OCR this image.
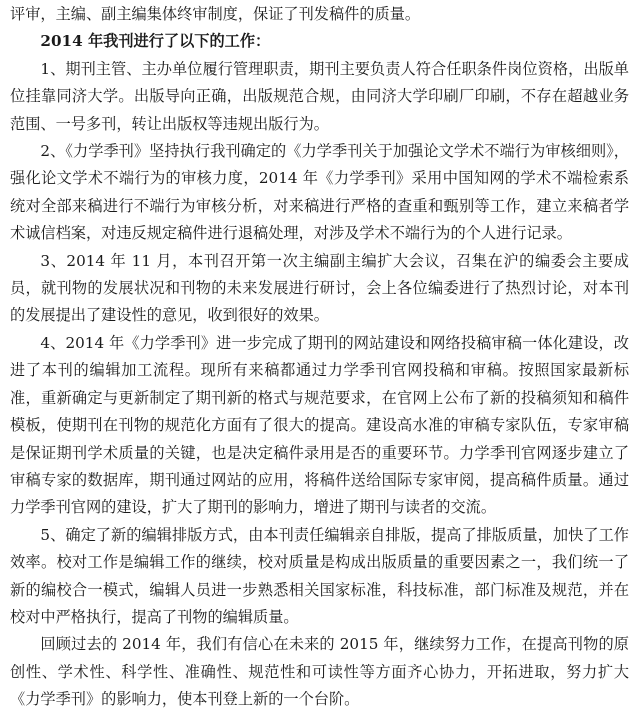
评审，主编、副主编集体终审制度，保证了刊发稿件的质量。

2014 年我刊进行了以下的工作：

1、期刊主管、主办单位履行管理职责，期刊主要负责人符合任职条件岗位资格，出版单位挂靠同济大学。出版导向正确，出版规范合规，由同济大学印刷厂印刷，不存在超越业务范围、一号多刊，转让出版权等违规出版行为。

2、《力学季刊》坚持执行我刊确定的《力学季刊关于加强论文学术不端行为审核细则》，强化论文学术不端行为的审核力度，2014 年《力学季刊》采用中国知网的学术不端检索系统对全部来稿进行不端行为审核分析，对来稿进行严格的查重和甄别等工作，建立来稿者学术诚信档案，对违反规定稿件进行退稿处理，对涉及学术不端行为的个人进行记录。

3、2014 年 11 月，本刊召开第一次主编副主编扩大会议，召集在沪的编委会主要成员，就刊物的发展状况和刊物的未来发展进行研讨，会上各位编委进行了热烈讨论，对本刊的发展提出了建设性的意见，收到很好的效果。

4、2014 年《力学季刊》进一步完成了期刊的网站建设和网络投稿审稿一体化建设，改进了本刊的编辑加工流程。现所有来稿都通过力学季刊官网投稿和审稿。按照国家最新标准，重新确定与更新制定了期刊新的格式与规范要求，在官网上公布了新的投稿须知和稿件模板，使期刊在刊物的规范化方面有了很大的提高。建设高水准的审稿专家队伍，专家审稿是保证期刊学术质量的关键，也是决定稿件录用是否的重要环节。力学季刊官网逐步建立了审稿专家的数据库，期刊通过网站的应用，将稿件送给国际专家审阅，提高稿件质量。通过力学季刊官网的建设，扩大了期刊的影响力，增进了期刊与读者的交流。

5、确定了新的编辑排版方式，由本刊责任编辑亲自排版，提高了排版质量，加快了工作效率。校对工作是编辑工作的继续，校对质量是构成出版质量的重要因素之一，我们统一了新的编校合一模式，编辑人员进一步熟悉相关国家标准，科技标准，部门标准及规范，并在校对中严格执行，提高了刊物的编辑质量。

回顾过去的 2014 年，我们有信心在未来的 2015 年，继续努力工作，在提高刊物的原创性、学术性、科学性、准确性、规范性和可读性等方面齐心协力，开拓进取，努力扩大《力学季刊》的影响力，使本刊登上新的一个台阶。
